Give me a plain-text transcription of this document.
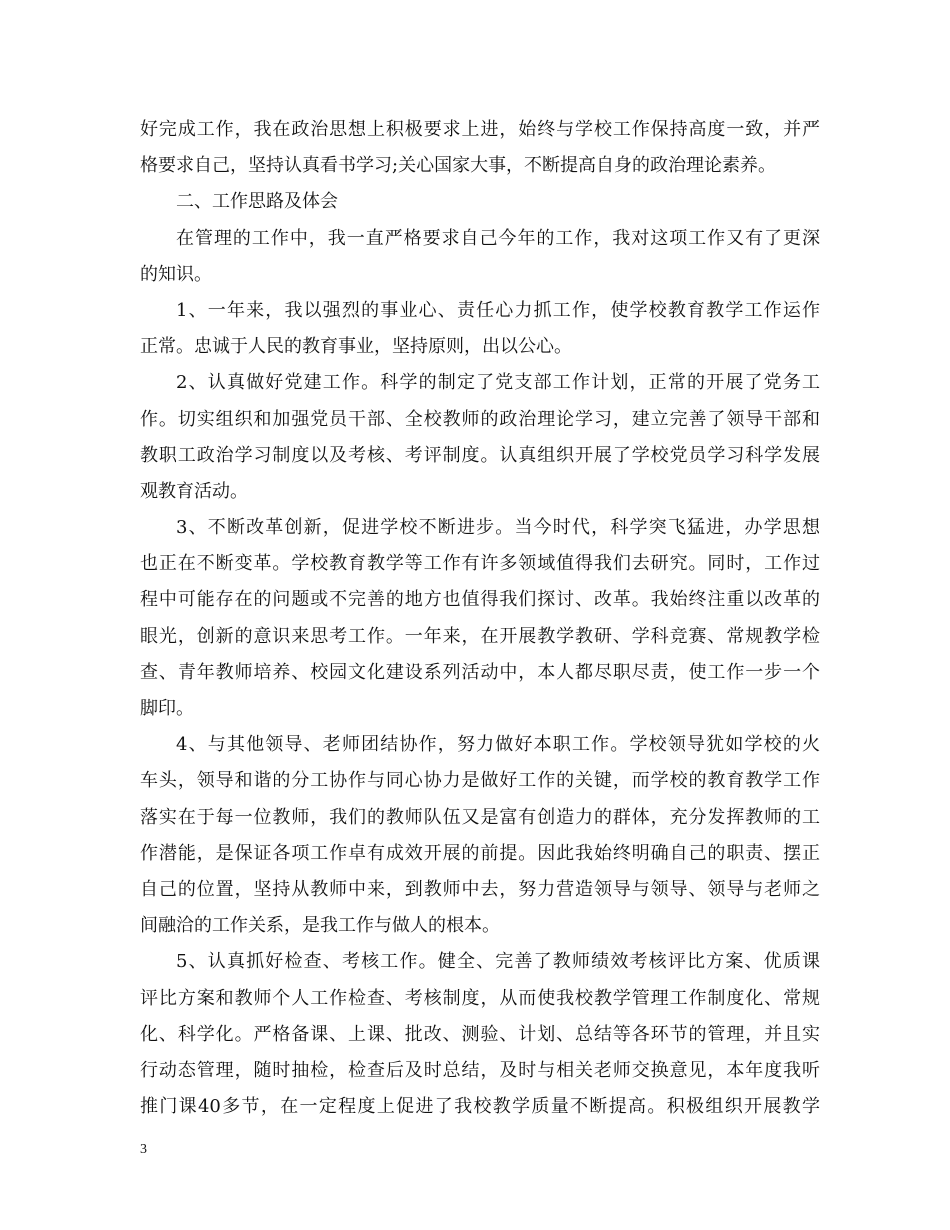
好完成工作，我在政治思想上积极要求上进，始终与学校工作保持高度一致，并严
格要求自己，坚持认真看书学习;关心国家大事，不断提高自身的政治理论素养。
二、工作思路及体会
在管理的工作中，我一直严格要求自己今年的工作，我对这项工作又有了更深
的知识。
1、一年来，我以强烈的事业心、责任心力抓工作，使学校教育教学工作运作
正常。忠诚于人民的教育事业，坚持原则，出以公心。
2、认真做好党建工作。科学的制定了党支部工作计划，正常的开展了党务工
作。切实组织和加强党员干部、全校教师的政治理论学习，建立完善了领导干部和
教职工政治学习制度以及考核、考评制度。认真组织开展了学校党员学习科学发展
观教育活动。
3、不断改革创新，促进学校不断进步。当今时代，科学突飞猛进，办学思想
也正在不断变革。学校教育教学等工作有许多领域值得我们去研究。同时，工作过
程中可能存在的问题或不完善的地方也值得我们探讨、改革。我始终注重以改革的
眼光，创新的意识来思考工作。一年来，在开展教学教研、学科竞赛、常规教学检
查、青年教师培养、校园文化建设系列活动中，本人都尽职尽责，使工作一步一个
脚印。
4、与其他领导、老师团结协作，努力做好本职工作。学校领导犹如学校的火
车头，领导和谐的分工协作与同心协力是做好工作的关键，而学校的教育教学工作
落实在于每一位教师，我们的教师队伍又是富有创造力的群体，充分发挥教师的工
作潜能，是保证各项工作卓有成效开展的前提。因此我始终明确自己的职责、摆正
自己的位置，坚持从教师中来，到教师中去，努力营造领导与领导、领导与老师之
间融洽的工作关系，是我工作与做人的根本。
5、认真抓好检查、考核工作。健全、完善了教师绩效考核评比方案、优质课
评比方案和教师个人工作检查、考核制度，从而使我校教学管理工作制度化、常规
化、科学化。严格备课、上课、批改、测验、计划、总结等各环节的管理，并且实
行动态管理，随时抽检，检查后及时总结，及时与相关老师交换意见，本年度我听
推门课40多节，在一定程度上促进了我校教学质量不断提高。积极组织开展教学
3
